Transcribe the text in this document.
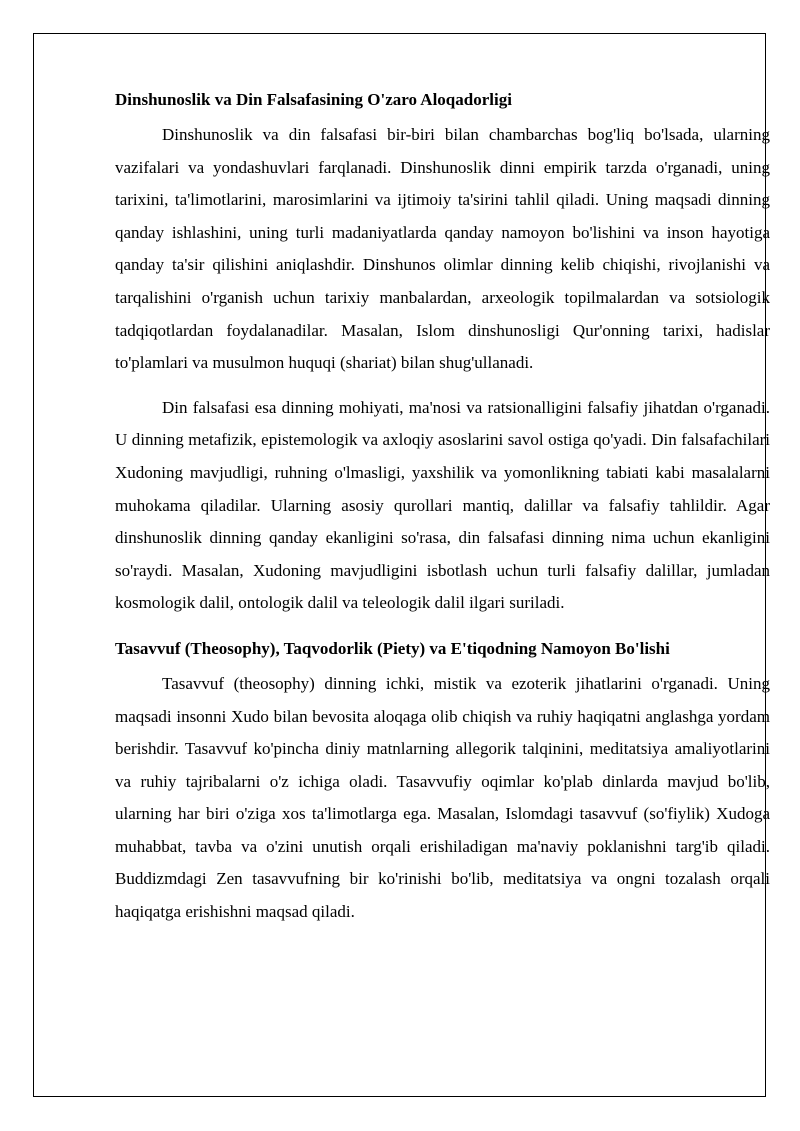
Dinshunoslik va Din Falsafasining O'zaro Aloqadorligi

Dinshunoslik va din falsafasi bir-biri bilan chambarchas bog'liq bo'lsada, ularning vazifalari va yondashuvlari farqlanadi. Dinshunoslik dinni empirik tarzda o'rganadi, uning tarixini, ta'limotlarini, marosimlarini va ijtimoiy ta'sirini tahlil qiladi. Uning maqsadi dinning qanday ishlashini, uning turli madaniyatlarda qanday namoyon bo'lishini va inson hayotiga qanday ta'sir qilishini aniqlashdir. Dinshunos olimlar dinning kelib chiqishi, rivojlanishi va tarqalishini o'rganish uchun tarixiy manbalardan, arxeologik topilmalardan va sotsiologik tadqiqotlardan foydalanadilar. Masalan, Islom dinshunosligi Qur'onning tarixi, hadislar to'plamlari va musulmon huquqi (shariat) bilan shug'ullanadi.

Din falsafasi esa dinning mohiyati, ma'nosi va ratsionalligini falsafiy jihatdan o'rganadi. U dinning metafizik, epistemologik va axloqiy asoslarini savol ostiga qo'yadi. Din falsafachilari Xudoning mavjudligi, ruhning o'lmasligi, yaxshilik va yomonlikning tabiati kabi masalalarni muhokama qiladilar. Ularning asosiy qurollari mantiq, dalillar va falsafiy tahlildir. Agar dinshunoslik dinning qanday ekanligini so'rasa, din falsafasi dinning nima uchun ekanligini so'raydi. Masalan, Xudoning mavjudligini isbotlash uchun turli falsafiy dalillar, jumladan kosmologik dalil, ontologik dalil va teleologik dalil ilgari suriladi.

Tasavvuf (Theosophy), Taqvodorlik (Piety) va E'tiqodning Namoyon Bo'lishi

Tasavvuf (theosophy) dinning ichki, mistik va ezoterik jihatlarini o'rganadi. Uning maqsadi insonni Xudo bilan bevosita aloqaga olib chiqish va ruhiy haqiqatni anglashga yordam berishdir. Tasavvuf ko'pincha diniy matnlarning allegorik talqinini, meditatsiya amaliyotlarini va ruhiy tajribalarni o'z ichiga oladi. Tasavvufiy oqimlar ko'plab dinlarda mavjud bo'lib, ularning har biri o'ziga xos ta'limotlarga ega. Masalan, Islomdagi tasavvuf (so'fiylik) Xudoga muhabbat, tavba va o'zini unutish orqali erishiladigan ma'naviy poklanishni targ'ib qiladi. Buddizmdagi Zen tasavvufning bir ko'rinishi bo'lib, meditatsiya va ongni tozalash orqali haqiqatga erishishni maqsad qiladi.
